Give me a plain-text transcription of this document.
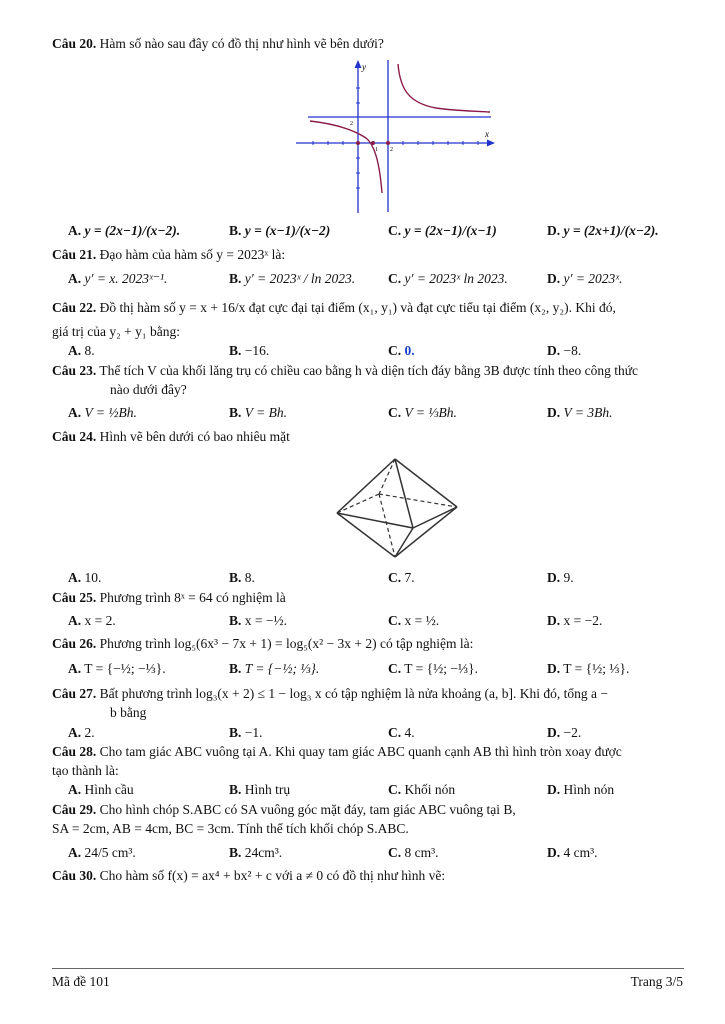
Câu 20. Hàm số nào sau đây có đồ thị như hình vẽ bên dưới?
y
x
2
1 2
A. y = (2x−1)/(x−2).	B. y = (x−1)/(x−2)	C. y = (2x−1)/(x−1)	D. y = (2x+1)/(x−2).
Câu 21. Đạo hàm của hàm số y = 2023ˣ là:
A. y′ = x. 2023ˣ⁻¹.	B. y′ = 2023ˣ / ln 2023. C. y′ = 2023ˣ ln 2023.	D. y′ = 2023ˣ.
Câu 22. Đồ thị hàm số y = x + 16/x đạt cực đại tại điểm (x₁, y₁) và đạt cực tiểu tại điểm (x₂, y₂). Khi đó,
giá trị của y₂ + y₁ bằng:
A. 8.	B. −16.	C. 0.	D. −8.
Câu 23. Thể tích V của khối lăng trụ có chiều cao bằng h và diện tích đáy bằng 3B được tính theo công thức
nào dưới đây?
A. V = ½Bh.	B. V = Bh.	C. V = ⅓Bh.	D. V = 3Bh.
Câu 24. Hình vẽ bên dưới có bao nhiêu mặt
A. 10.	B. 8.	C. 7.	D. 9.
Câu 25. Phương trình 8ˣ = 64 có nghiệm là
A. x = 2.	B. x = −½.	C. x = ½.	D. x = −2.
Câu 26. Phương trình log₅(6x³ − 7x + 1) = log₅(x² − 3x + 2) có tập nghiệm là:
A. T = {−½; −⅓}.	B. T = {−½; ⅓}.	C. T = {½; −⅓}.	D. T = {½; ⅓}.
Câu 27. Bất phương trình log₃(x + 2) ≤ 1 − log₃ x có tập nghiệm là nửa khoảng (a, b]. Khi đó, tổng a −
b bằng
A. 2.	B. −1.	C. 4.	D. −2.
Câu 28. Cho tam giác ABC vuông tại A. Khi quay tam giác ABC quanh cạnh AB thì hình tròn xoay được
tạo thành là:
A. Hình cầu	B. Hình trụ	C. Khối nón	D. Hình nón
Câu 29. Cho hình chóp S.ABC có SA vuông góc mặt đáy, tam giác ABC vuông tại B,
SA = 2cm, AB = 4cm, BC = 3cm. Tính thể tích khối chóp S.ABC.
A. 24/5 cm³.	B. 24cm³.	C. 8 cm³.	D. 4 cm³.
Câu 30. Cho hàm số f(x) = ax⁴ + bx² + c với a ≠ 0 có đồ thị như hình vẽ:
Mã đề 101	Trang 3/5
